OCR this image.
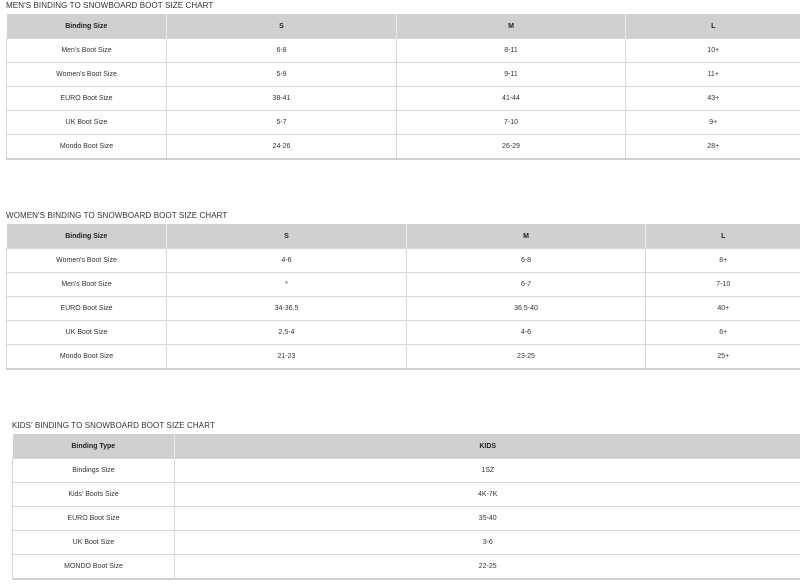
MEN'S BINDING TO SNOWBOARD BOOT SIZE CHART
Binding Size	S	M	L
Men's Boot Size	6-8	8-11	10+
Women's Boot Size	5-9	9-11	11+
EURO Boot Size	38-41	41-44	43+
UK Boot Size	5-7	7-10	9+
Mondo Boot Size	24-26	26-29	28+
WOMEN'S BINDING TO SNOWBOARD BOOT SIZE CHART
Binding Size	S	M	L
Women's Boot Size	4-6	6-8	8+
Men's Boot Size	*	6-7	7-10
EURO Boot Size	34-36.5	36.5-40	40+
UK Boot Size	2.5-4	4-6	6+
Mondo Boot Size	21-23	23-25	25+
KIDS' BINDING TO SNOWBOARD BOOT SIZE CHART
Binding Type	KIDS
Bindings Size	1SZ
Kids' Boots Size	4K-7K
EURO Boot Size	35-40
UK Boot Size	3-6
MONDO Boot Size	22-25
